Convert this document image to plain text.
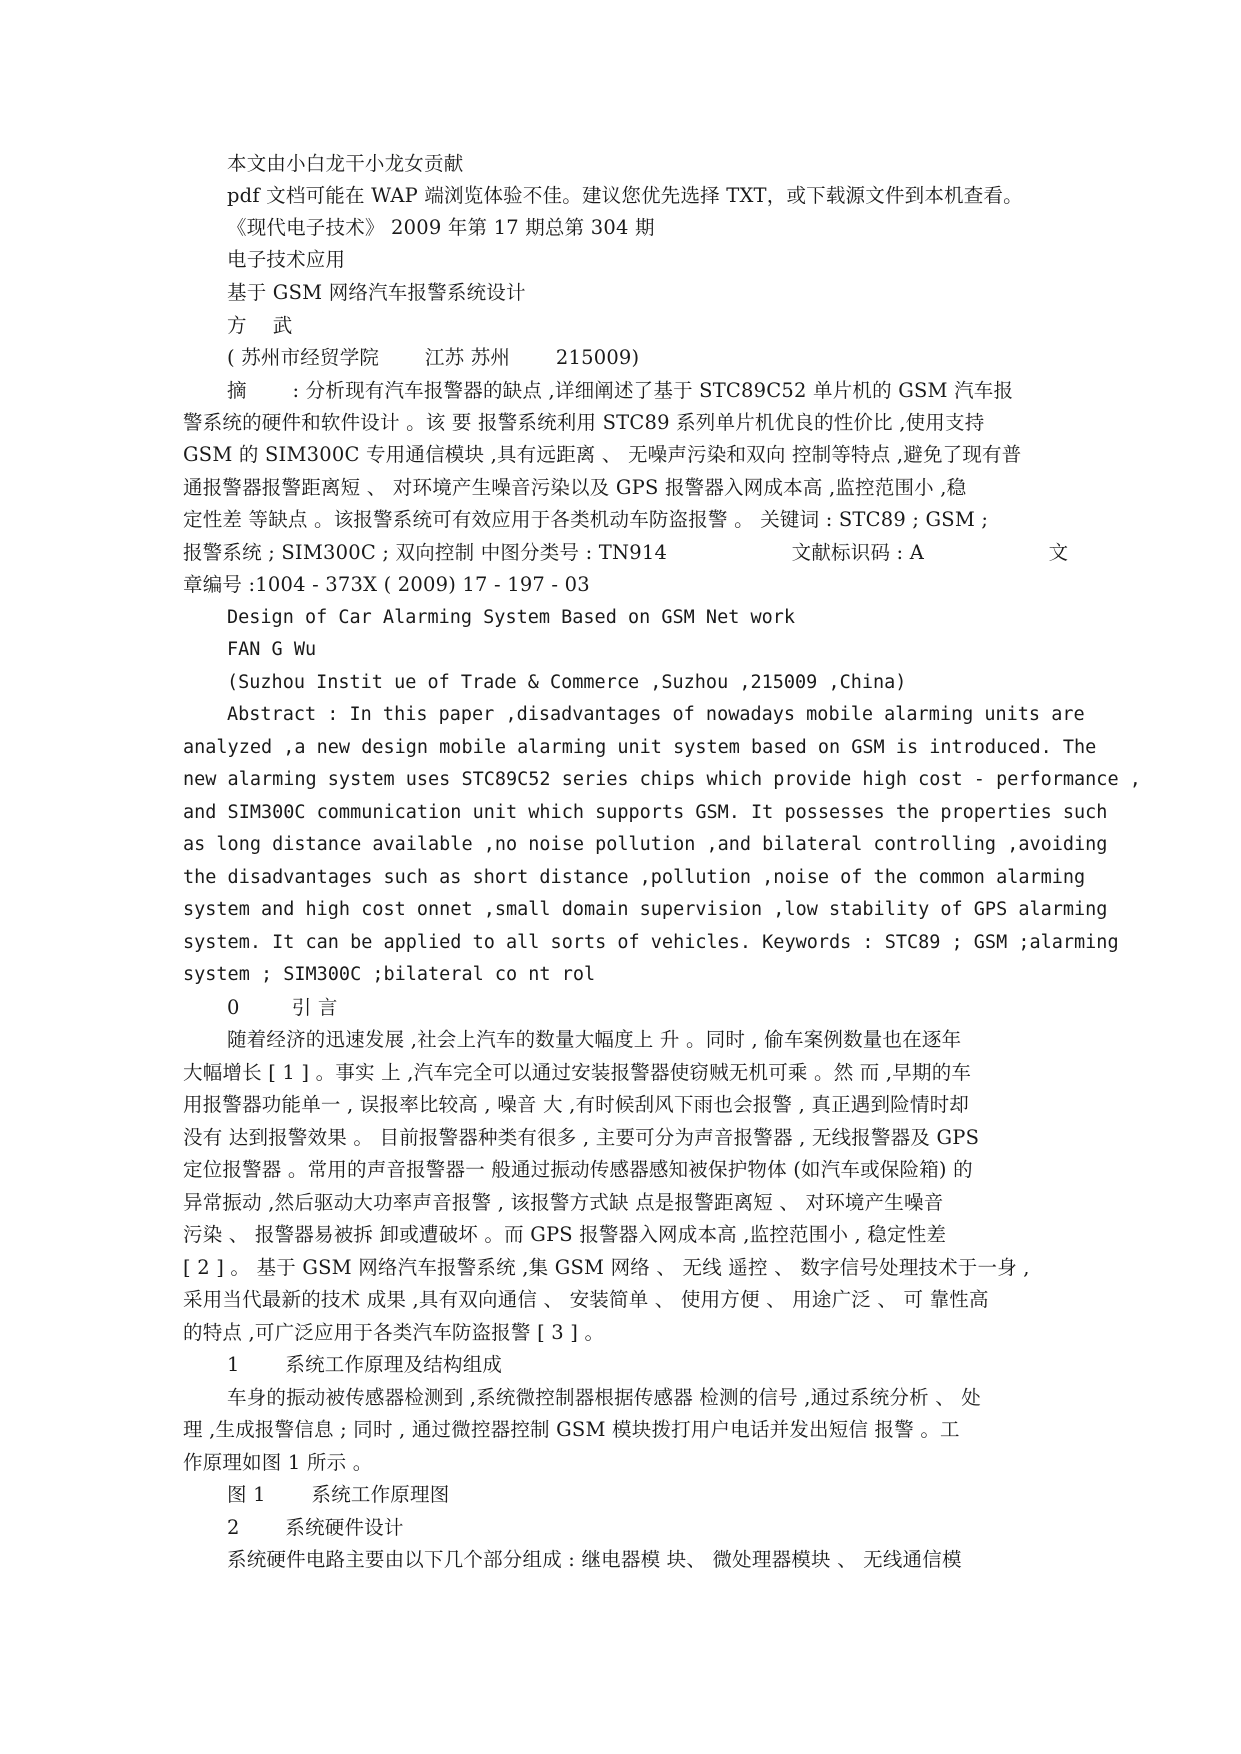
本文由小白龙干小龙女贡献
pdf 文档可能在 WAP 端浏览体验不佳。建议您优先选择 TXT，或下载源文件到本机查看。
《现代电子技术》 2009 年第 17 期总第 304 期
电子技术应用
基于 GSM 网络汽车报警系统设计
方　 武
( 苏州市经贸学院 　　江苏 苏州 　　215009)
摘　 　: 分析现有汽车报警器的缺点 ,详细阐述了基于 STC89C52 单片机的 GSM 汽车报
警系统的硬件和软件设计 。该 要 报警系统利用 STC89 系列单片机优良的性价比 ,使用支持
GSM 的 SIM300C 专用通信模块 ,具有远距离 、 无噪声污染和双向 控制等特点 ,避免了现有普
通报警器报警距离短 、 对环境产生噪音污染以及 GPS 报警器入网成本高 ,监控范围小 ,稳
定性差 等缺点 。该报警系统可有效应用于各类机动车防盗报警 。 关键词 : STC89 ; GSM ;
报警系统 ; SIM300C ; 双向控制 中图分类号 : TN914　　　　　　 文献标识码 : A　　　　　　 文
章编号 :1004 - 373X ( 2009) 17 - 197 - 03
Design of Car Alarming System Based on GSM Net work
FAN G Wu
(Suzhou Instit ue of Trade & Commerce ,Suzhou ,215009 ,China)
Abstract : In this paper ,disadvantages of nowadays mobile alarming units are
analyzed ,a new design mobile alarming unit system based on GSM is introduced. The
new alarming system uses STC89C52 series chips which provide high cost - performance ,
and SIM300C communication unit which supports GSM. It possesses the properties such
as long distance available ,no noise pollution ,and bilateral controlling ,avoiding
the disadvantages such as short distance ,pollution ,noise of the common alarming
system and high cost onnet ,small domain supervision ,low stability of GPS alarming
system. It can be applied to all sorts of vehicles. Keywords : STC89 ; GSM ;alarming
system ; SIM300C ;bilateral co nt rol
0　 　 引 言
随着经济的迅速发展 ,社会上汽车的数量大幅度上 升 。同时 , 偷车案例数量也在逐年
大幅增长 [ 1 ] 。事实 上 ,汽车完全可以通过安装报警器使窃贼无机可乘 。然 而 ,早期的车
用报警器功能单一 , 误报率比较高 , 噪音 大 ,有时候刮风下雨也会报警 , 真正遇到险情时却
没有 达到报警效果 。 目前报警器种类有很多 , 主要可分为声音报警器 , 无线报警器及 GPS
定位报警器 。常用的声音报警器一 般通过振动传感器感知被保护物体 (如汽车或保险箱) 的
异常振动 ,然后驱动大功率声音报警 , 该报警方式缺 点是报警距离短 、 对环境产生噪音
污染 、 报警器易被拆 卸或遭破坏 。而 GPS 报警器入网成本高 ,监控范围小 , 稳定性差
[ 2 ] 。 基于 GSM 网络汽车报警系统 ,集 GSM 网络 、 无线 遥控 、 数字信号处理技术于一身 ,
采用当代最新的技术 成果 ,具有双向通信 、 安装简单 、 使用方便 、 用途广泛 、 可 靠性高
的特点 ,可广泛应用于各类汽车防盗报警 [ 3 ] 。
1　 　系统工作原理及结构组成
车身的振动被传感器检测到 ,系统微控制器根据传感器 检测的信号 ,通过系统分析 、 处
理 ,生成报警信息 ; 同时 , 通过微控器控制 GSM 模块拨打用户电话并发出短信 报警 。工
作原理如图 1 所示 。
图 1　 　系统工作原理图
2　 　系统硬件设计
系统硬件电路主要由以下几个部分组成 : 继电器模 块、 微处理器模块 、 无线通信模
